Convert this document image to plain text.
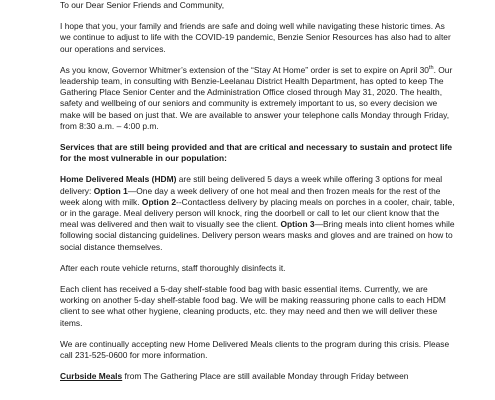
To our Dear Senior Friends and Community,

I hope that you, your family and friends are safe and doing well while navigating these historic times. As we continue to adjust to life with the COVID-19 pandemic, Benzie Senior Resources has also had to alter our operations and services.

As you know, Governor Whitmer’s extension of the “Stay At Home” order is set to expire on April 30th. Our leadership team, in consulting with Benzie-Leelanau District Health Department, has opted to keep The Gathering Place Senior Center and the Administration Office closed through May 31, 2020. The health, safety and wellbeing of our seniors and community is extremely important to us, so every decision we make will be based on just that. We are available to answer your telephone calls Monday through Friday, from 8:30 a.m. – 4:00 p.m.

Services that are still being provided and that are critical and necessary to sustain and protect life for the most vulnerable in our population:

Home Delivered Meals (HDM) are still being delivered 5 days a week while offering 3 options for meal delivery: Option 1—One day a week delivery of one hot meal and then frozen meals for the rest of the week along with milk. Option 2--Contactless delivery by placing meals on porches in a cooler, chair, table, or in the garage. Meal delivery person will knock, ring the doorbell or call to let our client know that the meal was delivered and then wait to visually see the client. Option 3—Bring meals into client homes while following social distancing guidelines. Delivery person wears masks and gloves and are trained on how to social distance themselves.

After each route vehicle returns, staff thoroughly disinfects it.

Each client has received a 5-day shelf-stable food bag with basic essential items. Currently, we are working on another 5-day shelf-stable food bag. We will be making reassuring phone calls to each HDM client to see what other hygiene, cleaning products, etc. they may need and then we will deliver these items.

We are continually accepting new Home Delivered Meals clients to the program during this crisis. Please call 231-525-0600 for more information.

Curbside Meals from The Gathering Place are still available Monday through Friday between
